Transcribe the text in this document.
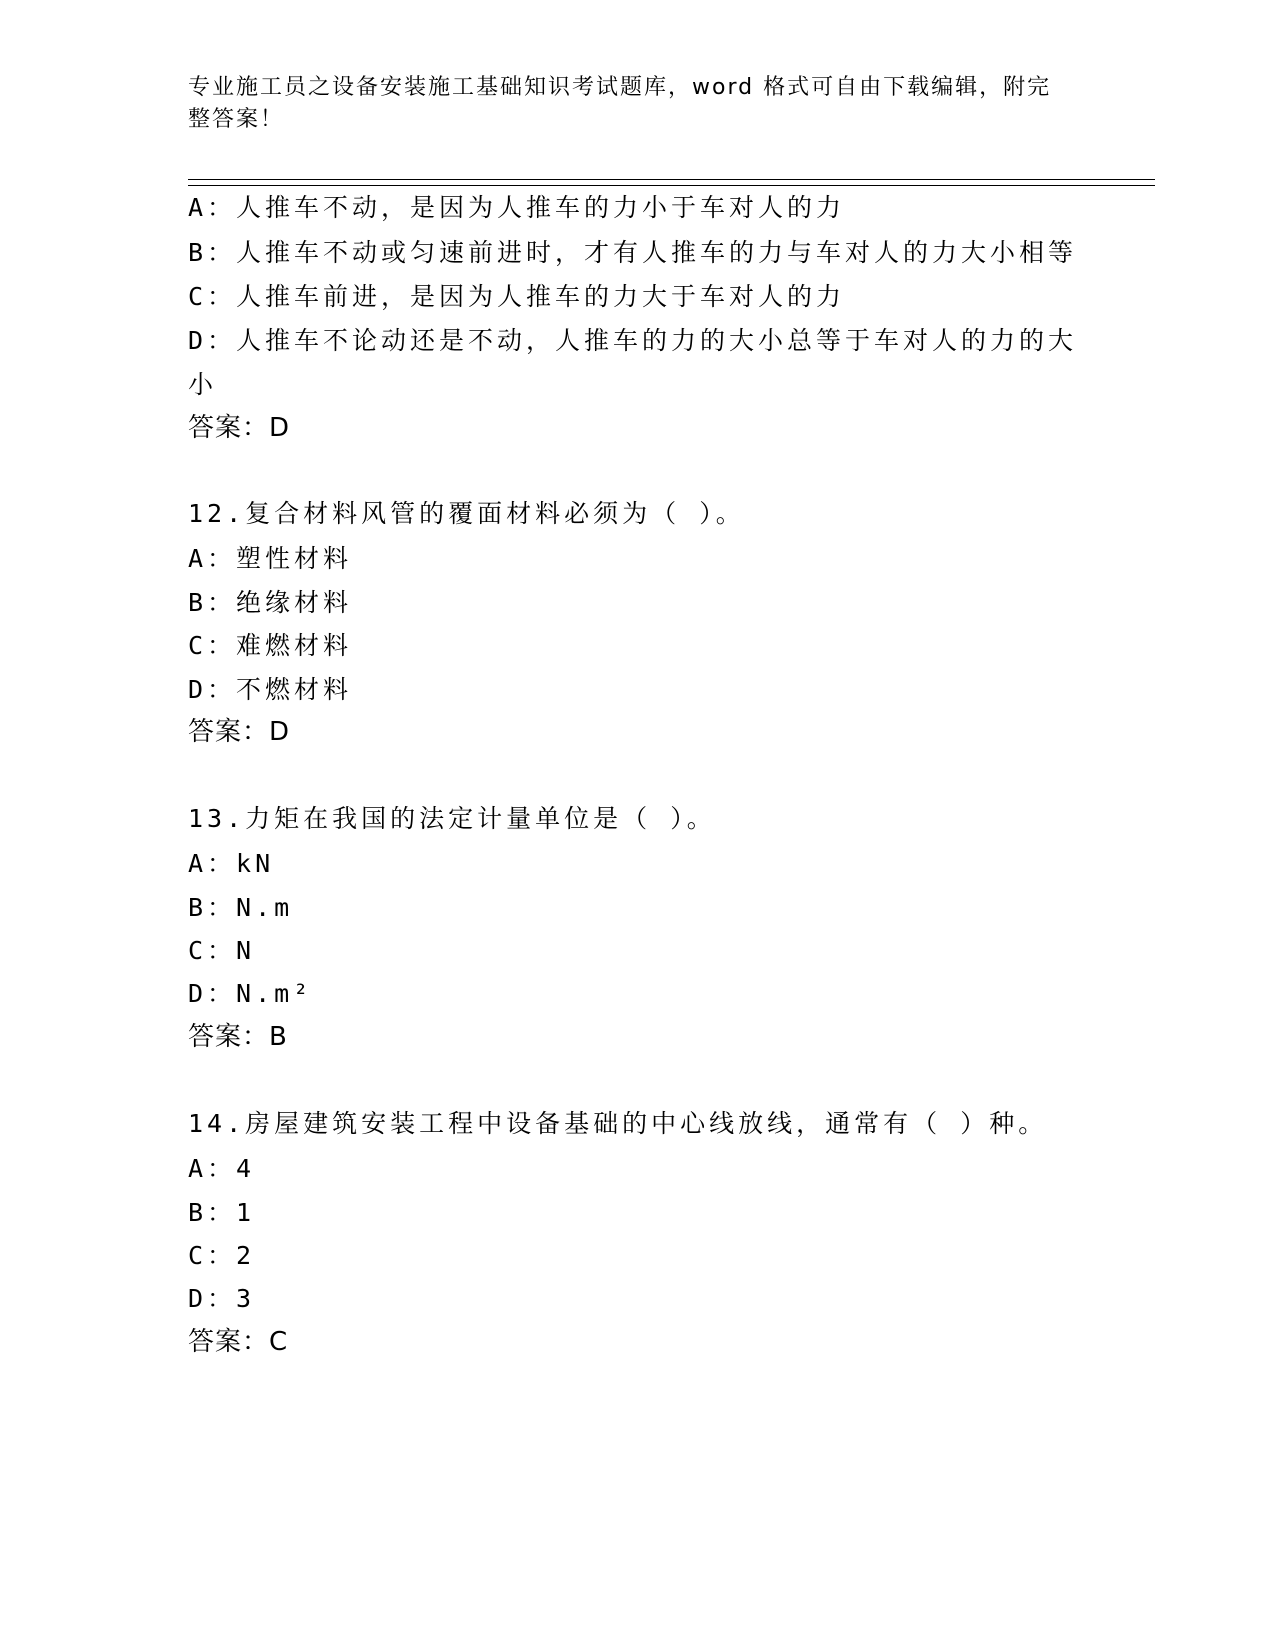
专业施工员之设备安装施工基础知识考试题库，word 格式可自由下载编辑，附完
整答案！
A：人推车不动，是因为人推车的力小于车对人的力
B：人推车不动或匀速前进时，才有人推车的力与车对人的力大小相等
C：人推车前进，是因为人推车的力大于车对人的力
D：人推车不论动还是不动，人推车的力的大小总等于车对人的力的大
小
答案：D
12.复合材料风管的覆面材料必须为（ ）。
A：塑性材料
B：绝缘材料
C：难燃材料
D：不燃材料
答案：D
13.力矩在我国的法定计量单位是（ ）。
A：kN
B：N.m
C：N
D：N.m²
答案：B
14.房屋建筑安装工程中设备基础的中心线放线，通常有（ ）种。
A：4
B：1
C：2
D：3
答案：C
